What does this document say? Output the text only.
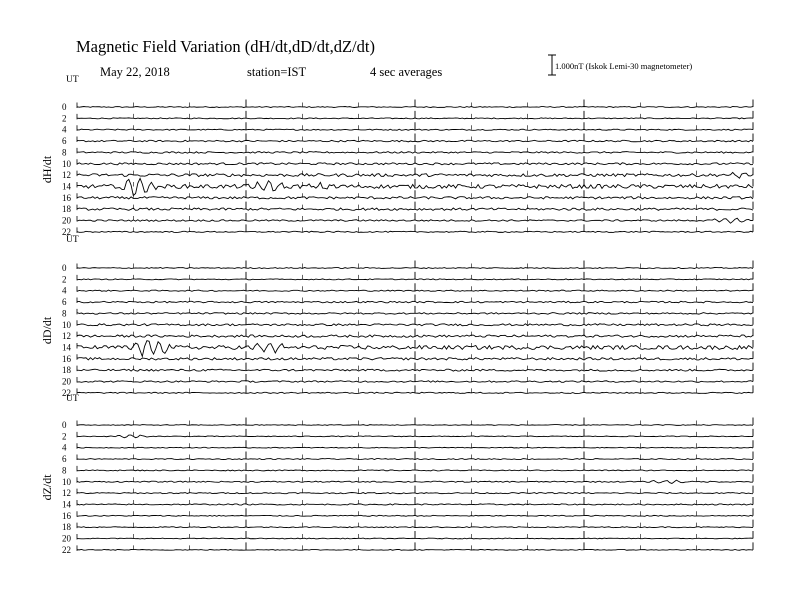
Magnetic Field Variation (dH/dt,dD/dt,dZ/dt)
May 22, 2018	station=IST	4 sec averages	1.000nT (Iskok Lemi-30 magnetometer)
UT
dH/dt
0
2
4
6
8
10
12
14
16
18
20
22
UT
dD/dt
0
2
4
6
8
10
12
14
16
18
20
22
UT
dZ/dt
0
2
4
6
8
10
12
14
16
18
20
22
